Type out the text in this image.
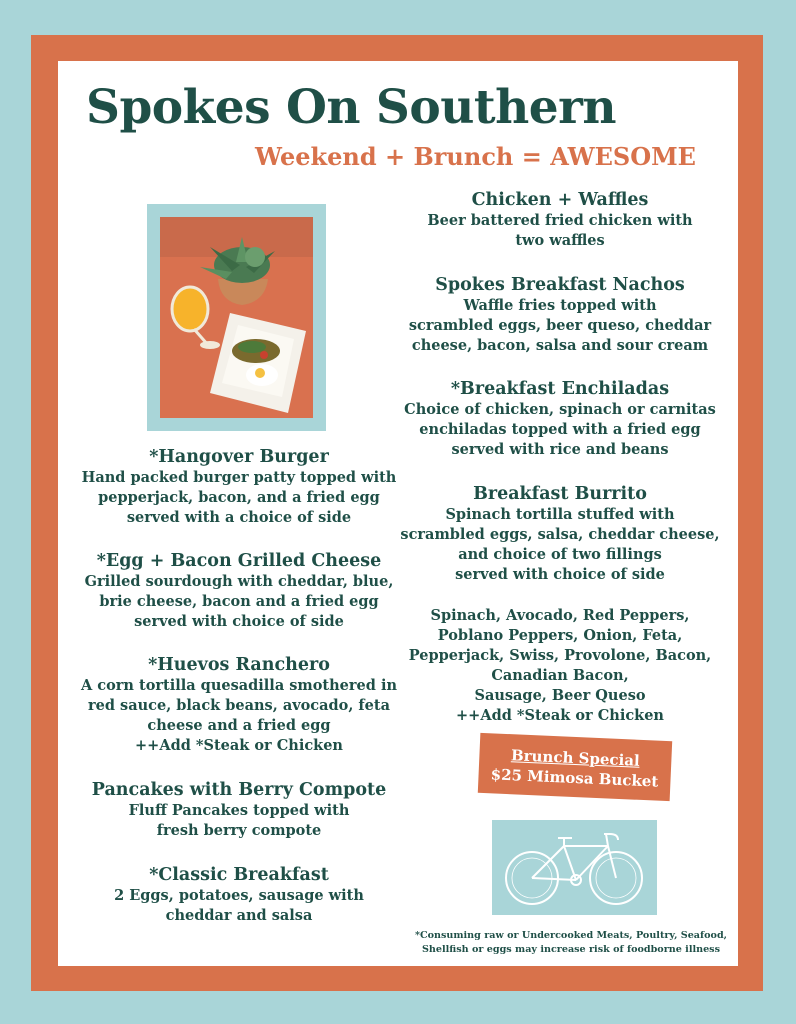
Spokes On Southern
Weekend + Brunch = AWESOME
*Hangover Burger
Hand packed burger patty topped with
pepperjack, bacon, and a fried egg
served with a choice of side
*Egg + Bacon Grilled Cheese
Grilled sourdough with cheddar, blue,
brie cheese, bacon and a fried egg
served with choice of side
*Huevos Ranchero
A corn tortilla quesadilla smothered in
red sauce, black beans, avocado, feta
cheese and a fried egg
++Add *Steak or Chicken
Pancakes with Berry Compote
Fluff Pancakes topped with
fresh berry compote
*Classic Breakfast
2 Eggs, potatoes, sausage with
cheddar and salsa
Chicken + Waffles
Beer battered fried chicken with
two waffles
Spokes Breakfast Nachos
Waffle fries topped with
scrambled eggs, beer queso, cheddar
cheese, bacon, salsa and sour cream
*Breakfast Enchiladas
Choice of chicken, spinach or carnitas
enchiladas topped with a fried egg
served with rice and beans
Breakfast Burrito
Spinach tortilla stuffed with
scrambled eggs, salsa, cheddar cheese,
and choice of two fillings
served with choice of side
Spinach, Avocado, Red Peppers,
Poblano Peppers, Onion, Feta,
Pepperjack, Swiss, Provolone, Bacon,
Canadian Bacon,
Sausage, Beer Queso
++Add *Steak or Chicken
Brunch Special
$25 Mimosa Bucket
*Consuming raw or Undercooked Meats, Poultry, Seafood,
Shellfish or eggs may increase risk of foodborne illness
